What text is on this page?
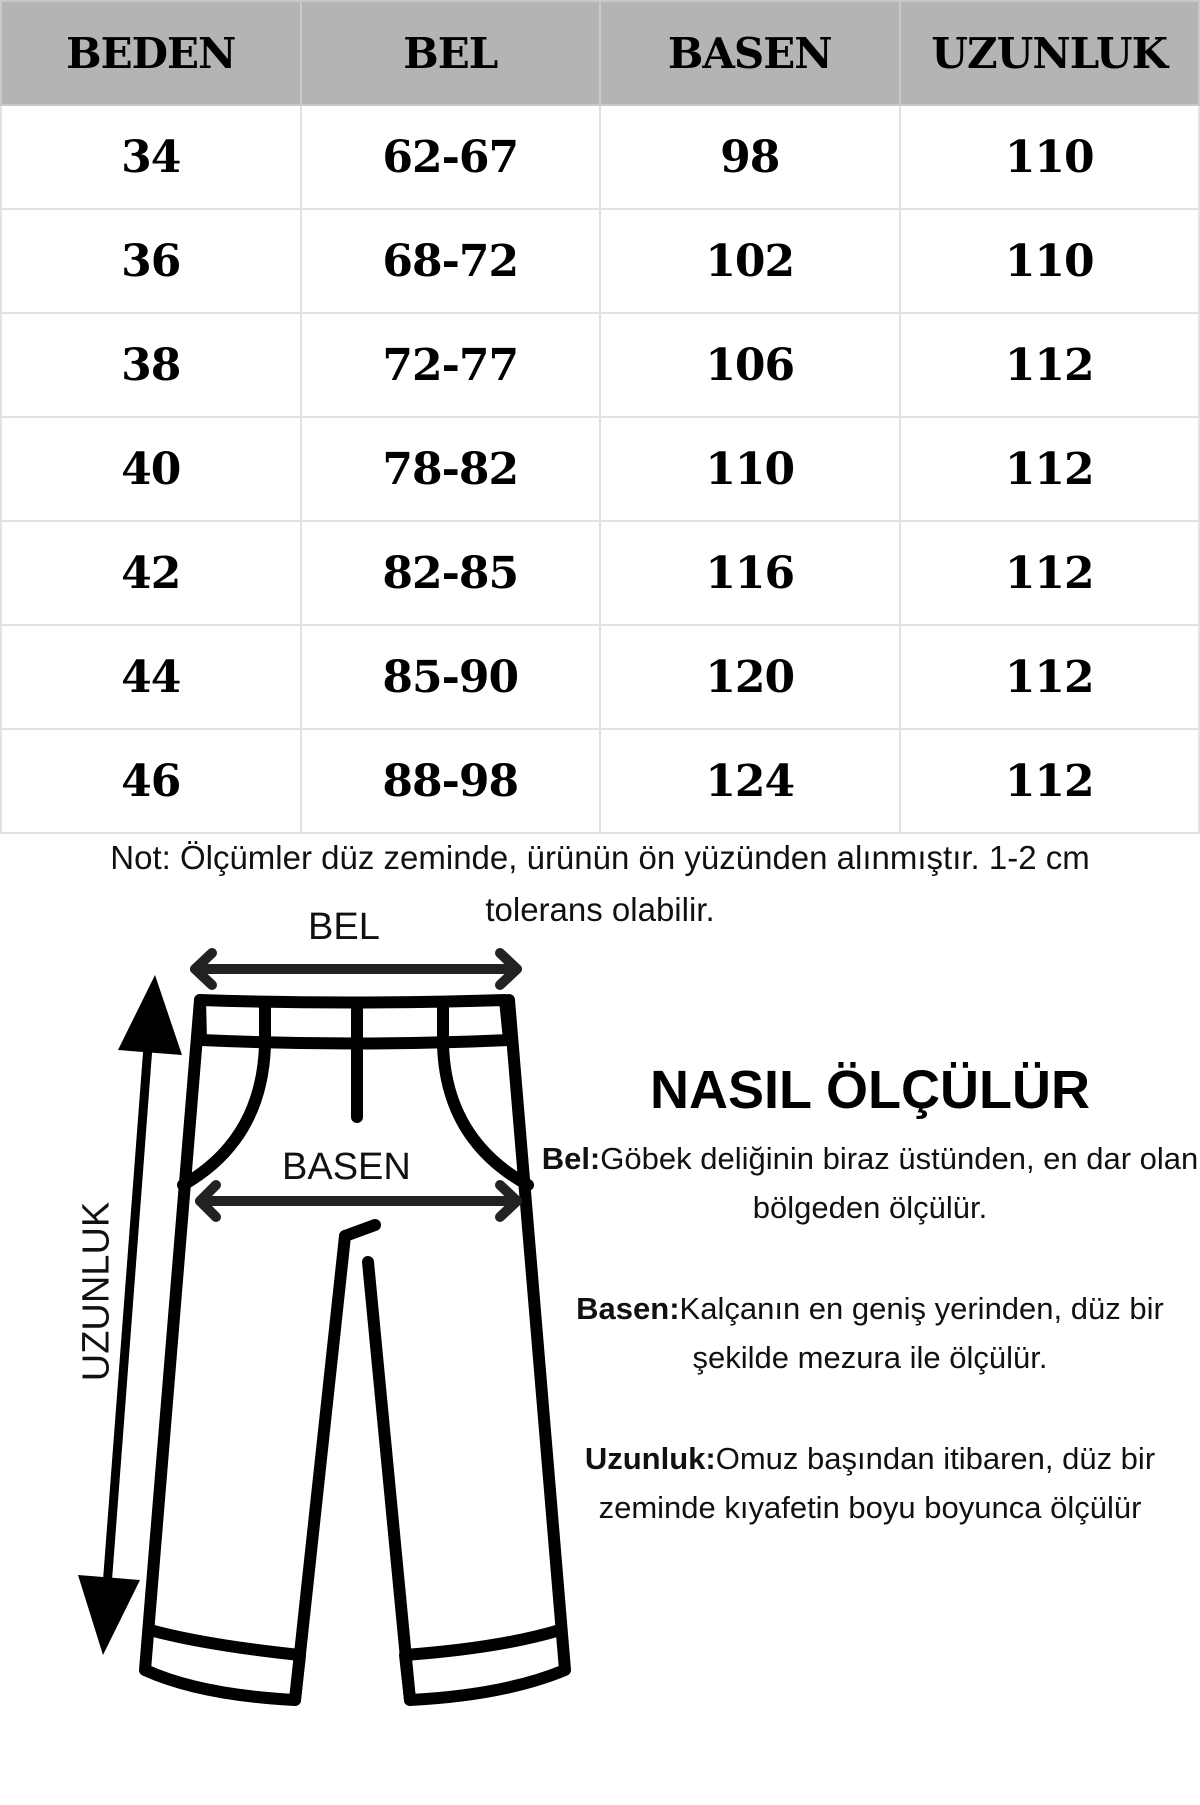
BEDEN	BEL	BASEN	UZUNLUK
34	62-67	98	110
36	68-72	102	110
38	72-77	106	112
40	78-82	110	112
42	82-85	116	112
44	85-90	120	112
46	88-98	124	112
Not: Ölçümler düz zeminde, ürünün ön yüzünden alınmıştır. 1-2 cm tolerans olabilir.
BEL
BASEN
UZUNLUK
NASIL ÖLÇÜLÜR

Bel:Göbek deliğinin biraz üstünden, en dar olan bölgeden ölçülür.

Basen:Kalçanın en geniş yerinden, düz bir şekilde mezura ile ölçülür.

Uzunluk:Omuz başından itibaren, düz bir zeminde kıyafetin boyu boyunca ölçülür
